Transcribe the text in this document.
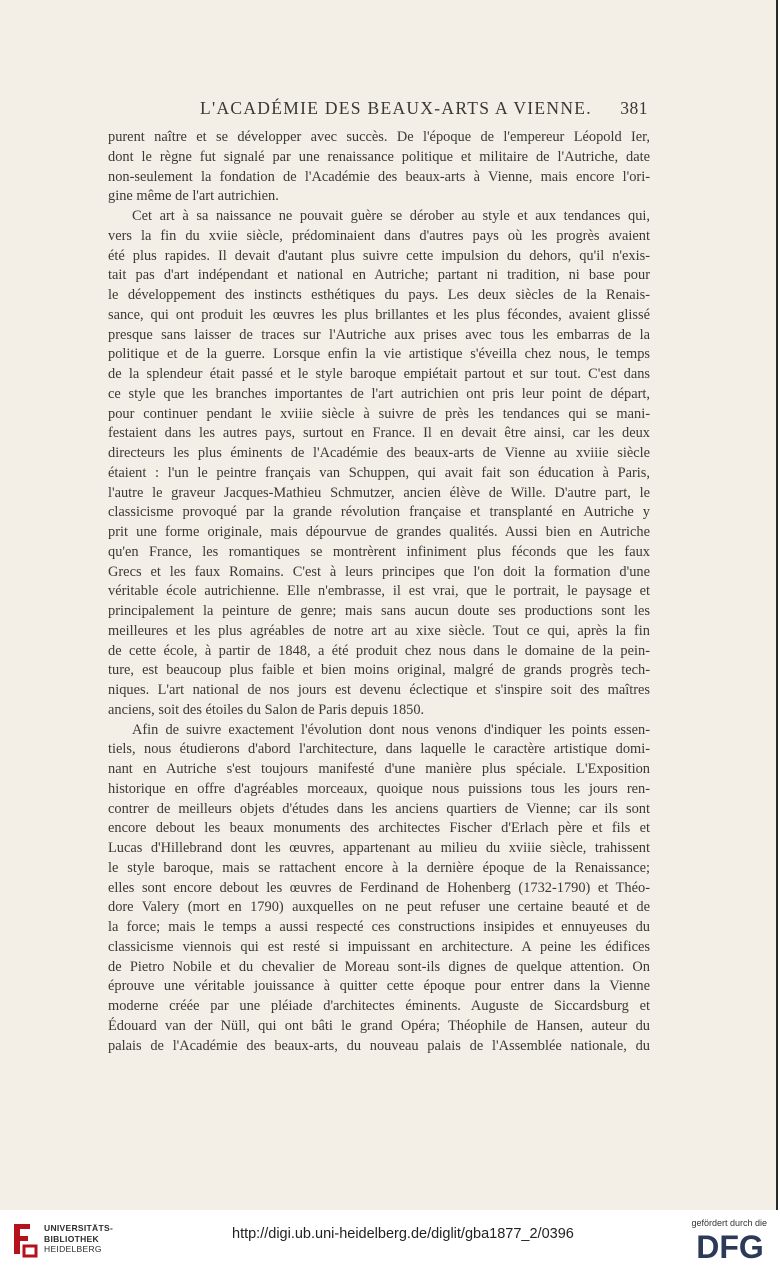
L'ACADÉMIE DES BEAUX-ARTS A VIENNE. 381
purent naître et se développer avec succès. De l'époque de l'empereur Léopold Ier,
dont le règne fut signalé par une renaissance politique et militaire de l'Autriche, date
non-seulement la fondation de l'Académie des beaux-arts à Vienne, mais encore l'ori-
gine même de l'art autrichien.
Cet art à sa naissance ne pouvait guère se dérober au style et aux tendances qui,
vers la fin du xviie siècle, prédominaient dans d'autres pays où les progrès avaient
été plus rapides. Il devait d'autant plus suivre cette impulsion du dehors, qu'il n'exis-
tait pas d'art indépendant et national en Autriche; partant ni tradition, ni base pour
le développement des instincts esthétiques du pays. Les deux siècles de la Renais-
sance, qui ont produit les œuvres les plus brillantes et les plus fécondes, avaient glissé
presque sans laisser de traces sur l'Autriche aux prises avec tous les embarras de la
politique et de la guerre. Lorsque enfin la vie artistique s'éveilla chez nous, le temps
de la splendeur était passé et le style baroque empiétait partout et sur tout. C'est dans
ce style que les branches importantes de l'art autrichien ont pris leur point de départ,
pour continuer pendant le xviiie siècle à suivre de près les tendances qui se mani-
festaient dans les autres pays, surtout en France. Il en devait être ainsi, car les deux
directeurs les plus éminents de l'Académie des beaux-arts de Vienne au xviiie siècle
étaient : l'un le peintre français van Schuppen, qui avait fait son éducation à Paris,
l'autre le graveur Jacques-Mathieu Schmutzer, ancien élève de Wille. D'autre part, le
classicisme provoqué par la grande révolution française et transplanté en Autriche y
prit une forme originale, mais dépourvue de grandes qualités. Aussi bien en Autriche
qu'en France, les romantiques se montrèrent infiniment plus féconds que les faux
Grecs et les faux Romains. C'est à leurs principes que l'on doit la formation d'une
véritable école autrichienne. Elle n'embrasse, il est vrai, que le portrait, le paysage et
principalement la peinture de genre; mais sans aucun doute ses productions sont les
meilleures et les plus agréables de notre art au xixe siècle. Tout ce qui, après la fin
de cette école, à partir de 1848, a été produit chez nous dans le domaine de la pein-
ture, est beaucoup plus faible et bien moins original, malgré de grands progrès tech-
niques. L'art national de nos jours est devenu éclectique et s'inspire soit des maîtres
anciens, soit des étoiles du Salon de Paris depuis 1850.
Afin de suivre exactement l'évolution dont nous venons d'indiquer les points essen-
tiels, nous étudierons d'abord l'architecture, dans laquelle le caractère artistique domi-
nant en Autriche s'est toujours manifesté d'une manière plus spéciale. L'Exposition
historique en offre d'agréables morceaux, quoique nous puissions tous les jours ren-
contrer de meilleurs objets d'études dans les anciens quartiers de Vienne; car ils sont
encore debout les beaux monuments des architectes Fischer d'Erlach père et fils et
Lucas d'Hillebrand dont les œuvres, appartenant au milieu du xviiie siècle, trahissent
le style baroque, mais se rattachent encore à la dernière époque de la Renaissance;
elles sont encore debout les œuvres de Ferdinand de Hohenberg (1732-1790) et Théo-
dore Valery (mort en 1790) auxquelles on ne peut refuser une certaine beauté et de
la force; mais le temps a aussi respecté ces constructions insipides et ennuyeuses du
classicisme viennois qui est resté si impuissant en architecture. A peine les édifices
de Pietro Nobile et du chevalier de Moreau sont-ils dignes de quelque attention. On
éprouve une véritable jouissance à quitter cette époque pour entrer dans la Vienne
moderne créée par une pléiade d'architectes éminents. Auguste de Siccardsburg et
Édouard van der Nüll, qui ont bâti le grand Opéra; Théophile de Hansen, auteur du
palais de l'Académie des beaux-arts, du nouveau palais de l'Assemblée nationale, du
UNIVERSITÄTS-
BIBLIOTHEK
HEIDELBERG
http://digi.ub.uni-heidelberg.de/diglit/gba1877_2/0396
gefördert durch die
DFG
